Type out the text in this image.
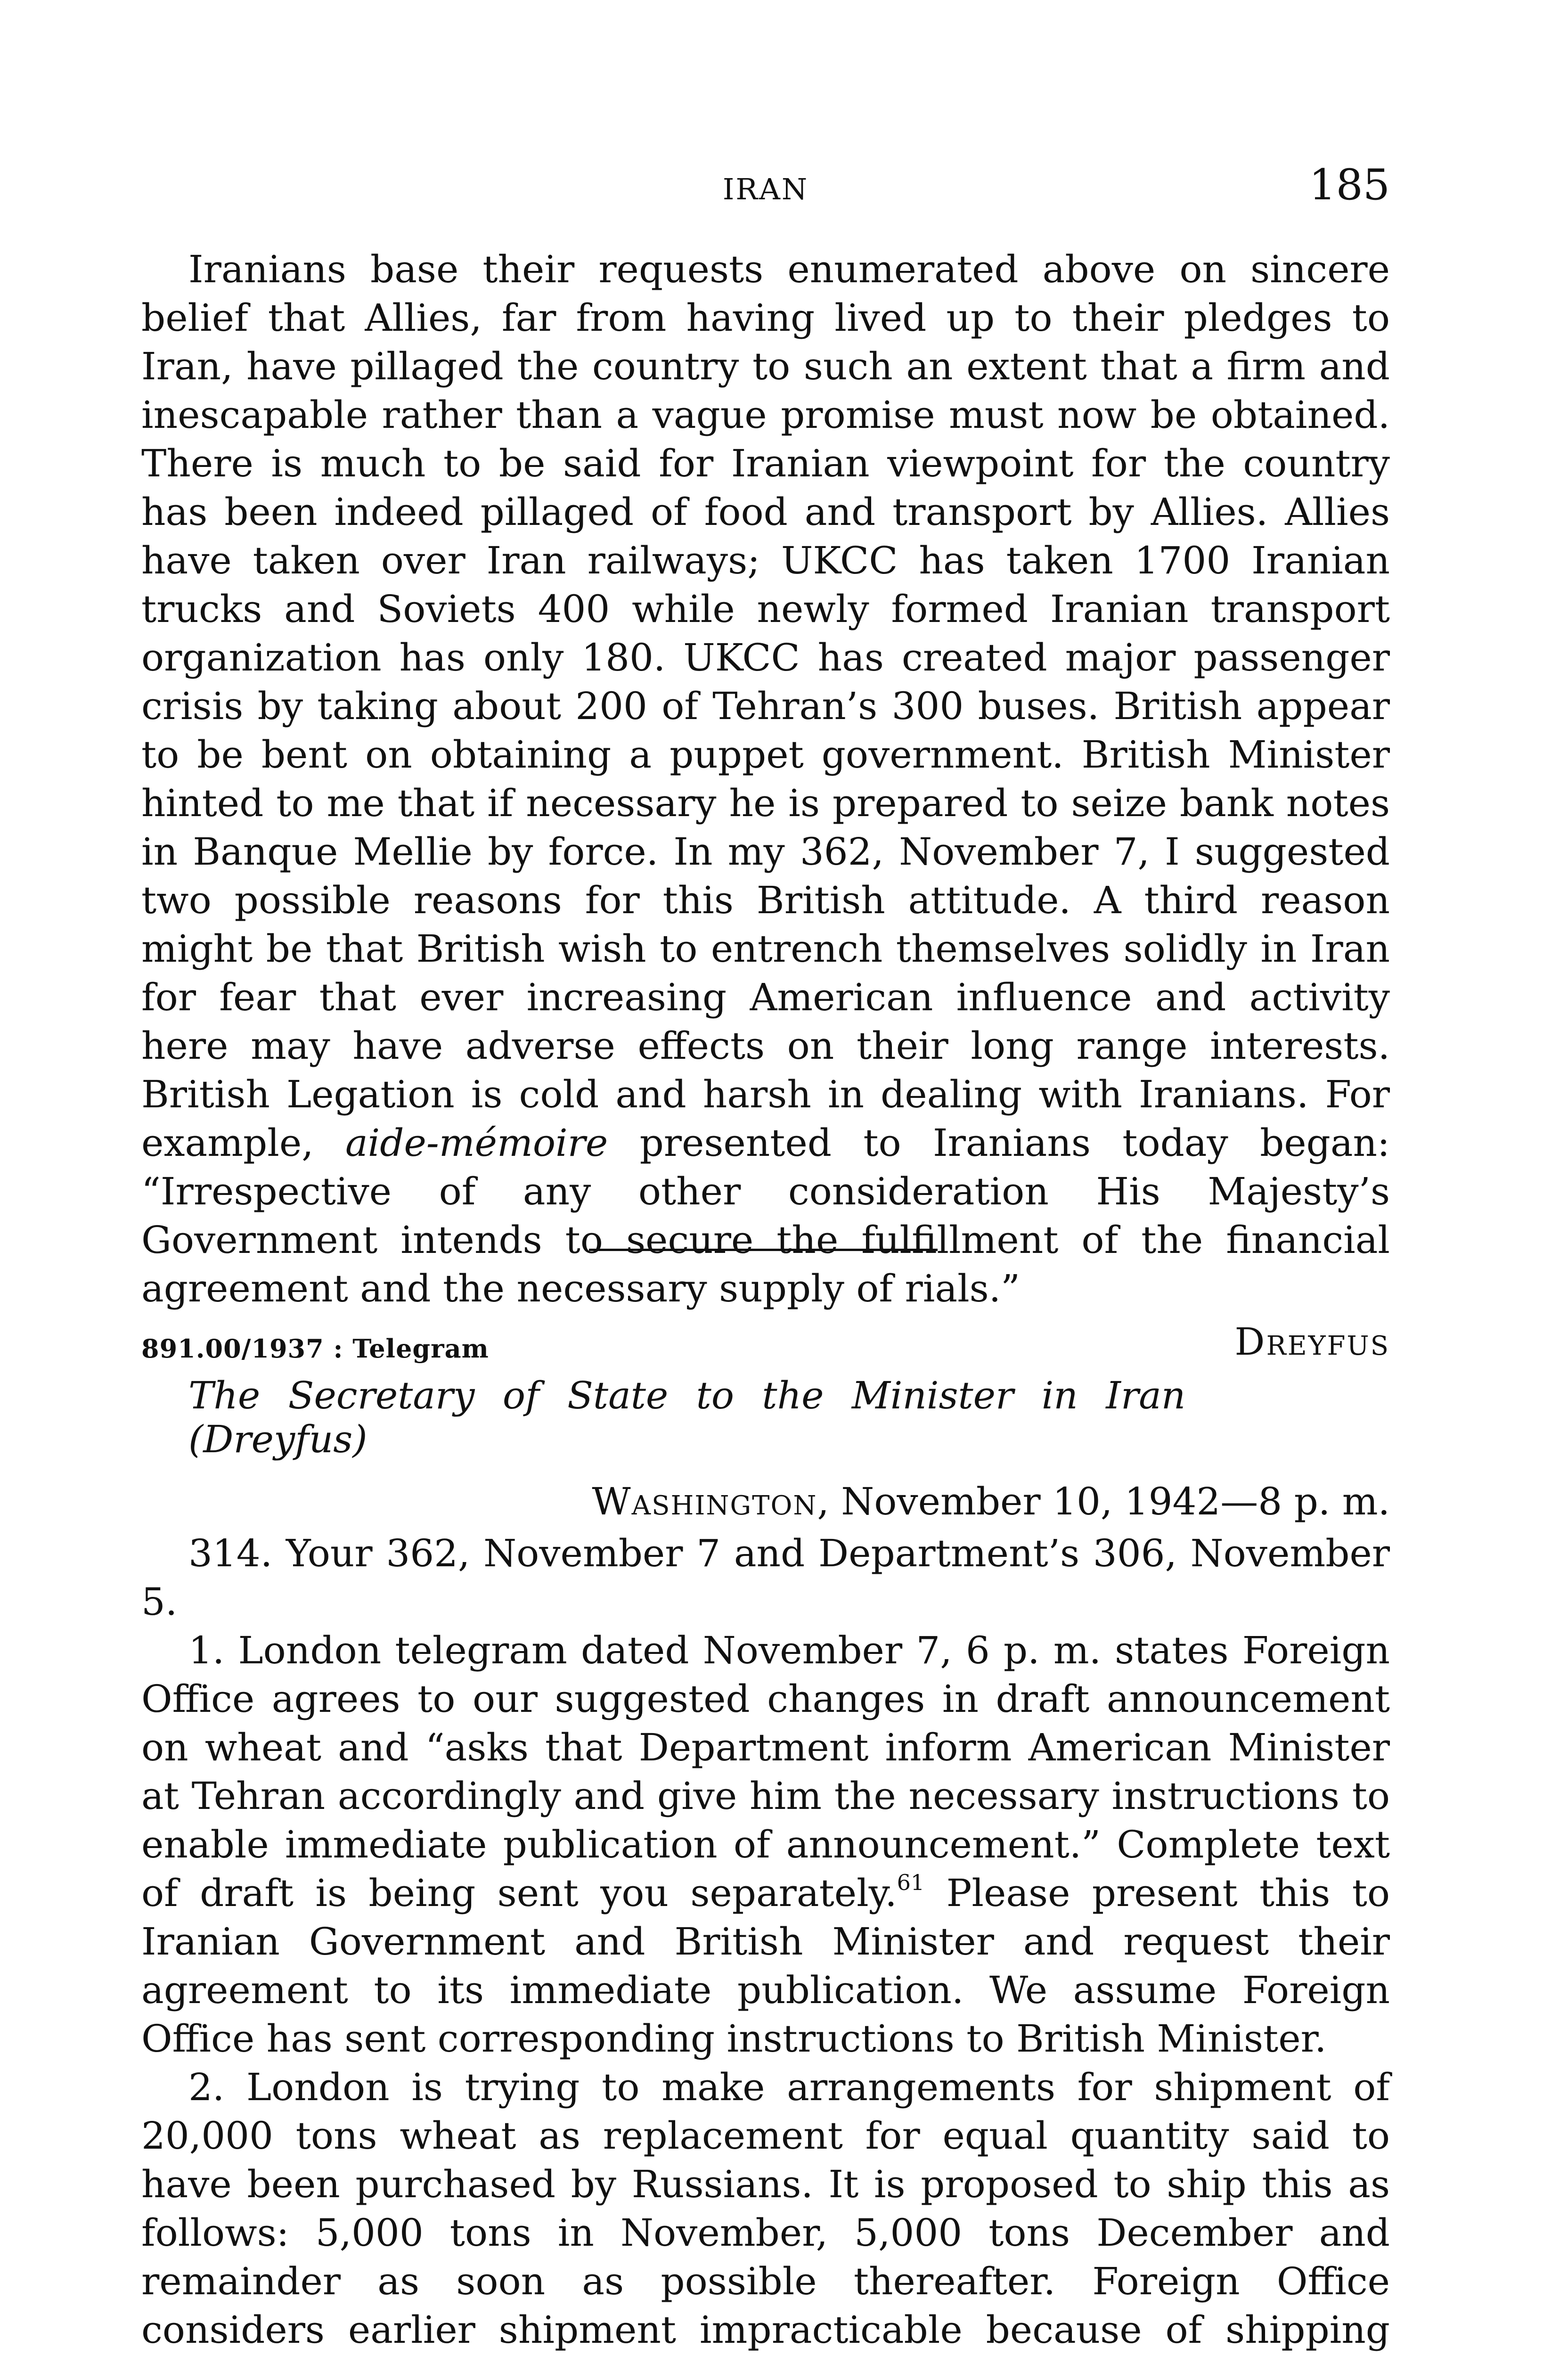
IRAN	185

Iranians base their requests enumerated above on sincere belief that Allies, far from having lived up to their pledges to Iran, have pillaged the country to such an extent that a firm and inescapable rather than a vague promise must now be obtained. There is much to be said for Iranian viewpoint for the country has been indeed pillaged of food and transport by Allies. Allies have taken over Iran railways; UKCC has taken 1700 Iranian trucks and Soviets 400 while newly formed Iranian transport organization has only 180. UKCC has created major passenger crisis by taking about 200 of Tehran’s 300 buses. British appear to be bent on obtaining a puppet government. British Minister hinted to me that if necessary he is prepared to seize bank notes in Banque Mellie by force. In my 362, November 7, I suggested two possible reasons for this British attitude. A third reason might be that British wish to entrench themselves solidly in Iran for fear that ever increasing American influence and activity here may have adverse effects on their long range interests. British Legation is cold and harsh in dealing with Iranians. For example, aide-mémoire presented to Iranians today began: “Irrespective of any other consideration His Majesty’s Government intends to secure the fulfillment of the financial agreement and the necessary supply of rials.”

Dreyfus
891.00/1937 : Telegram
The Secretary of State to the Minister in Iran (Dreyfus)
Washington, November 10, 1942—8 p. m.

314. Your 362, November 7 and Department’s 306, November 5.

1. London telegram dated November 7, 6 p. m. states Foreign Office agrees to our suggested changes in draft announcement on wheat and “asks that Department inform American Minister at Tehran accordingly and give him the necessary instructions to enable immediate publication of announcement.” Complete text of draft is being sent you separately.$^{61}$ Please present this to Iranian Government and British Minister and request their agreement to its immediate publication. We assume Foreign Office has sent corresponding instructions to British Minister.

2. London is trying to make arrangements for shipment of 20,000 tons wheat as replacement for equal quantity said to have been purchased by Russians. It is proposed to ship this as follows: 5,000 tons in November, 5,000 tons December and remainder as soon as possible thereafter. Foreign Office considers earlier shipment impracticable because of shipping
